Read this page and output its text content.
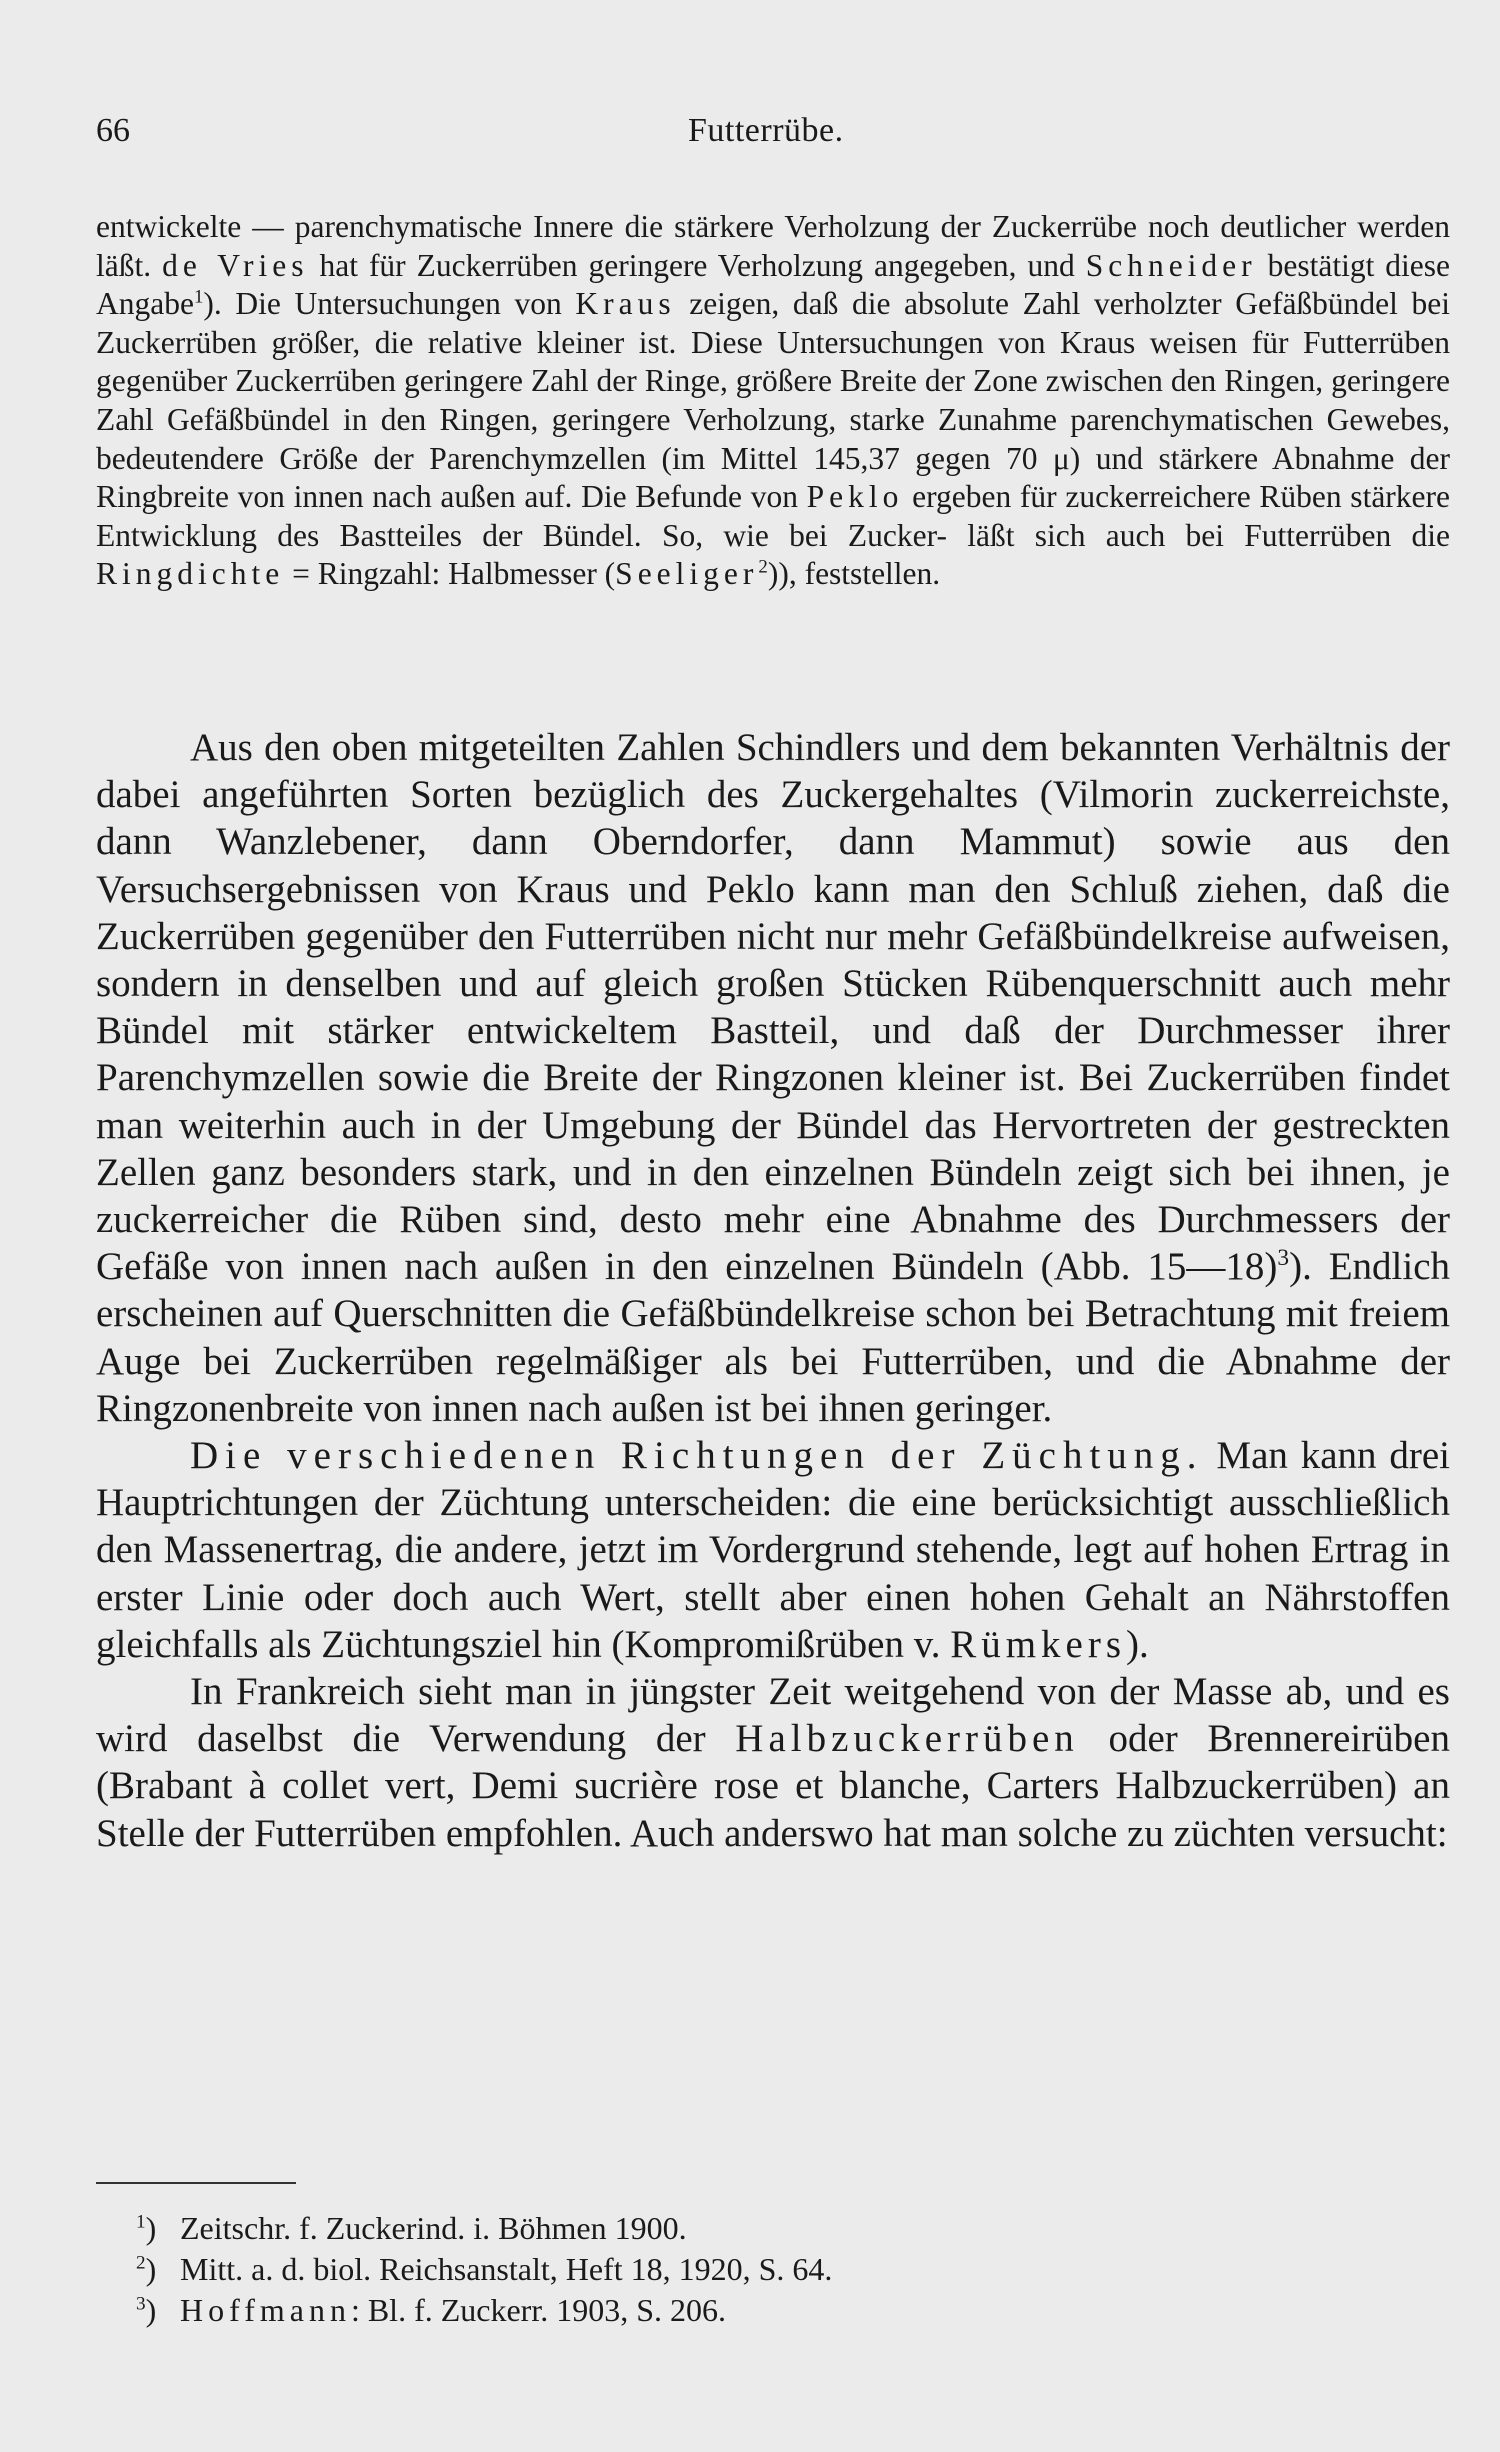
66	Futterrübe.
entwickelte — parenchymatische Innere die stärkere Verholzung der Zuckerrübe noch deutlicher werden läßt. de Vries hat für Zuckerrüben geringere Verholzung angegeben, und Schneider bestätigt diese Angabe$^1$). Die Untersuchungen von Kraus zeigen, daß die absolute Zahl verholzter Gefäßbündel bei Zuckerrüben größer, die relative kleiner ist. Diese Untersuchungen von Kraus weisen für Futterrüben gegenüber Zuckerrüben geringere Zahl der Ringe, größere Breite der Zone zwischen den Ringen, geringere Zahl Gefäßbündel in den Ringen, geringere Verholzung, starke Zunahme parenchymatischen Gewebes, bedeutendere Größe der Parenchymzellen (im Mittel 145,37 gegen 70 μ) und stärkere Abnahme der Ringbreite von innen nach außen auf. Die Befunde von Peklo ergeben für zuckerreichere Rüben stärkere Entwicklung des Bastteiles der Bündel. So, wie bei Zucker- läßt sich auch bei Futterrüben die Ringdichte = Ringzahl: Halbmesser (Seeliger$^2$)), feststellen.

Aus den oben mitgeteilten Zahlen Schindlers und dem bekannten Verhältnis der dabei angeführten Sorten bezüglich des Zuckergehaltes (Vilmorin zuckerreichste, dann Wanzlebener, dann Oberndorfer, dann Mammut) sowie aus den Versuchsergebnissen von Kraus und Peklo kann man den Schluß ziehen, daß die Zuckerrüben gegenüber den Futterrüben nicht nur mehr Gefäßbündelkreise aufweisen, sondern in denselben und auf gleich großen Stücken Rübenquerschnitt auch mehr Bündel mit stärker entwickeltem Bastteil, und daß der Durchmesser ihrer Parenchymzellen sowie die Breite der Ringzonen kleiner ist. Bei Zuckerrüben findet man weiterhin auch in der Umgebung der Bündel das Hervortreten der gestreckten Zellen ganz besonders stark, und in den einzelnen Bündeln zeigt sich bei ihnen, je zuckerreicher die Rüben sind, desto mehr eine Abnahme des Durchmessers der Gefäße von innen nach außen in den einzelnen Bündeln (Abb. 15—18)$^3$). Endlich erscheinen auf Querschnitten die Gefäßbündelkreise schon bei Betrachtung mit freiem Auge bei Zuckerrüben regelmäßiger als bei Futterrüben, und die Abnahme der Ringzonenbreite von innen nach außen ist bei ihnen geringer.

Die verschiedenen Richtungen der Züchtung. Man kann drei Hauptrichtungen der Züchtung unterscheiden: die eine berücksichtigt ausschließlich den Massenertrag, die andere, jetzt im Vordergrund stehende, legt auf hohen Ertrag in erster Linie oder doch auch Wert, stellt aber einen hohen Gehalt an Nährstoffen gleichfalls als Züchtungsziel hin (Kompromißrüben v. Rümkers).

In Frankreich sieht man in jüngster Zeit weitgehend von der Masse ab, und es wird daselbst die Verwendung der Halbzuckerrüben oder Brennereirüben (Brabant à collet vert, Demi sucrière rose et blanche, Carters Halbzuckerrüben) an Stelle der Futterrüben empfohlen. Auch anderswo hat man solche zu züchten versucht:

$^1$) Zeitschr. f. Zuckerind. i. Böhmen 1900.

$^2$) Mitt. a. d. biol. Reichsanstalt, Heft 18, 1920, S. 64.

$^3$) Hoffmann: Bl. f. Zuckerr. 1903, S. 206.
